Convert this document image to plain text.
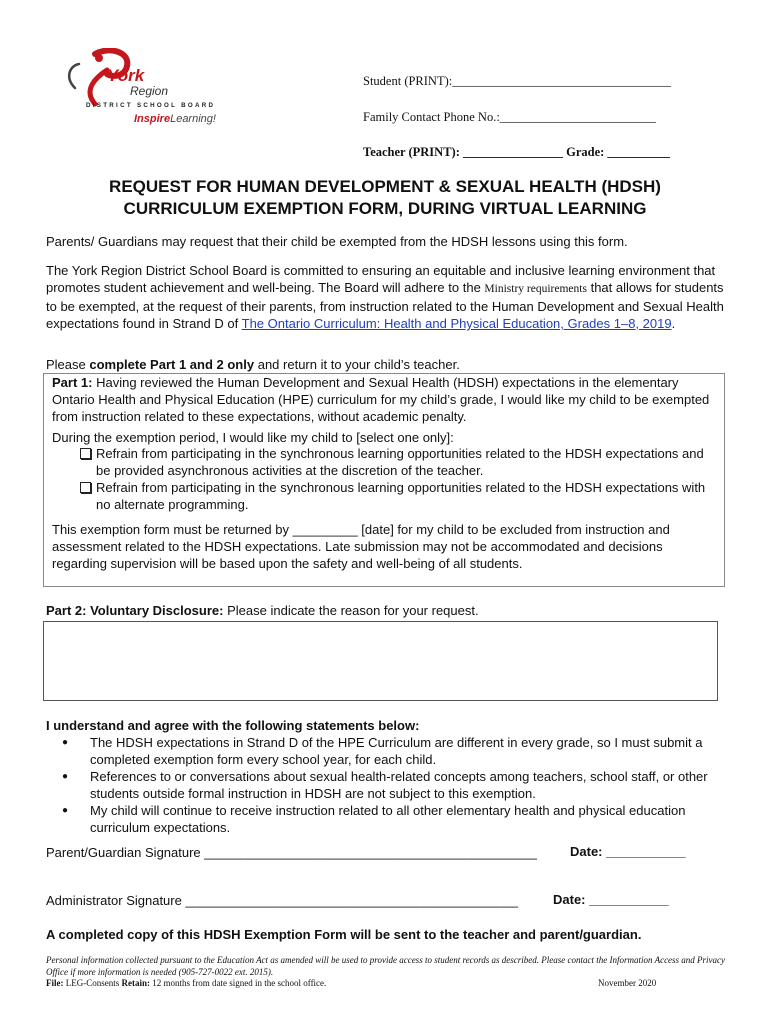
York
Region
DISTRICT SCHOOL BOARD
InspireLearning!
Student (PRINT):___________________________________
Family Contact Phone No.:_________________________
Teacher (PRINT): ________________ Grade: __________
REQUEST FOR HUMAN DEVELOPMENT & SEXUAL HEALTH (HDSH)
CURRICULUM EXEMPTION FORM, DURING VIRTUAL LEARNING
Parents/ Guardians may request that their child be exempted from the HDSH lessons using this form.
The York Region District School Board is committed to ensuring an equitable and inclusive learning environment that promotes student achievement and well-being. The Board will adhere to the Ministry requirements that allows for students to be exempted, at the request of their parents, from instruction related to the Human Development and Sexual Health expectations found in Strand D of The Ontario Curriculum: Health and Physical Education, Grades 1–8, 2019.
Please complete Part 1 and 2 only and return it to your child’s teacher.
Part 1: Having reviewed the Human Development and Sexual Health (HDSH) expectations in the elementary Ontario Health and Physical Education (HPE) curriculum for my child’s grade, I would like my child to be exempted from instruction related to these expectations, without academic penalty.
During the exemption period, I would like my child to [select one only]:
Refrain from participating in the synchronous learning opportunities related to the HDSH expectations and be provided asynchronous activities at the discretion of the teacher.
Refrain from participating in the synchronous learning opportunities related to the HDSH expectations with no alternate programming.
This exemption form must be returned by _________ [date] for my child to be excluded from instruction and assessment related to the HDSH expectations. Late submission may not be accommodated and decisions regarding supervision will be based upon the safety and well-being of all students.
Part 2: Voluntary Disclosure: Please indicate the reason for your request.
I understand and agree with the following statements below:
● The HDSH expectations in Strand D of the HPE Curriculum are different in every grade, so I must submit a completed exemption form every school year, for each child.
● References to or conversations about sexual health-related concepts among teachers, school staff, or other students outside formal instruction in HDSH are not subject to this exemption.
● My child will continue to receive instruction related to all other elementary health and physical education curriculum expectations.
Parent/Guardian Signature ______________________________________________	Date: ___________
Administrator Signature ______________________________________________	Date: ___________
A completed copy of this HDSH Exemption Form will be sent to the teacher and parent/guardian.
Personal information collected pursuant to the Education Act as amended will be used to provide access to student records as described. Please contact the Information Access and Privacy Office if more information is needed (905-727-0022 ext. 2015).
File: LEG-Consents Retain: 12 months from date signed in the school office.	November 2020
